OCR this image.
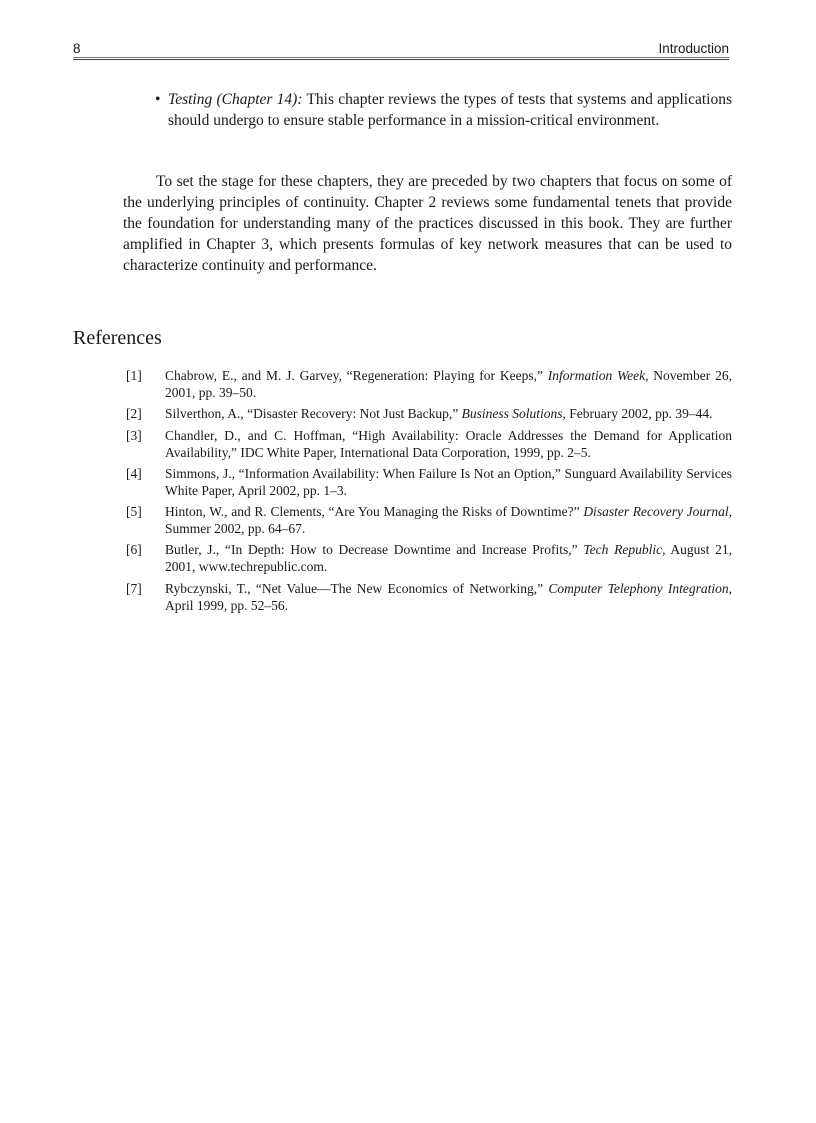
8	Introduction
• Testing (Chapter 14): This chapter reviews the types of tests that systems and applications should undergo to ensure stable performance in a mission-critical environment.

To set the stage for these chapters, they are preceded by two chapters that focus on some of the underlying principles of continuity. Chapter 2 reviews some fundamental tenets that provide the foundation for understanding many of the practices discussed in this book. They are further amplified in Chapter 3, which presents formulas of key network measures that can be used to characterize continuity and performance.

References
[1] Chabrow, E., and M. J. Garvey, “Regeneration: Playing for Keeps,” Information Week, November 26, 2001, pp. 39–50.
[2] Silverthon, A., “Disaster Recovery: Not Just Backup,” Business Solutions, February 2002, pp. 39–44.
[3] Chandler, D., and C. Hoffman, “High Availability: Oracle Addresses the Demand for Application Availability,” IDC White Paper, International Data Corporation, 1999, pp. 2–5.
[4] Simmons, J., “Information Availability: When Failure Is Not an Option,” Sunguard Availability Services White Paper, April 2002, pp. 1–3.
[5] Hinton, W., and R. Clements, “Are You Managing the Risks of Downtime?” Disaster Recovery Journal, Summer 2002, pp. 64–67.
[6] Butler, J., “In Depth: How to Decrease Downtime and Increase Profits,” Tech Republic, August 21, 2001, www.techrepublic.com.
[7] Rybczynski, T., “Net Value—The New Economics of Networking,” Computer Telephony Integration, April 1999, pp. 52–56.
